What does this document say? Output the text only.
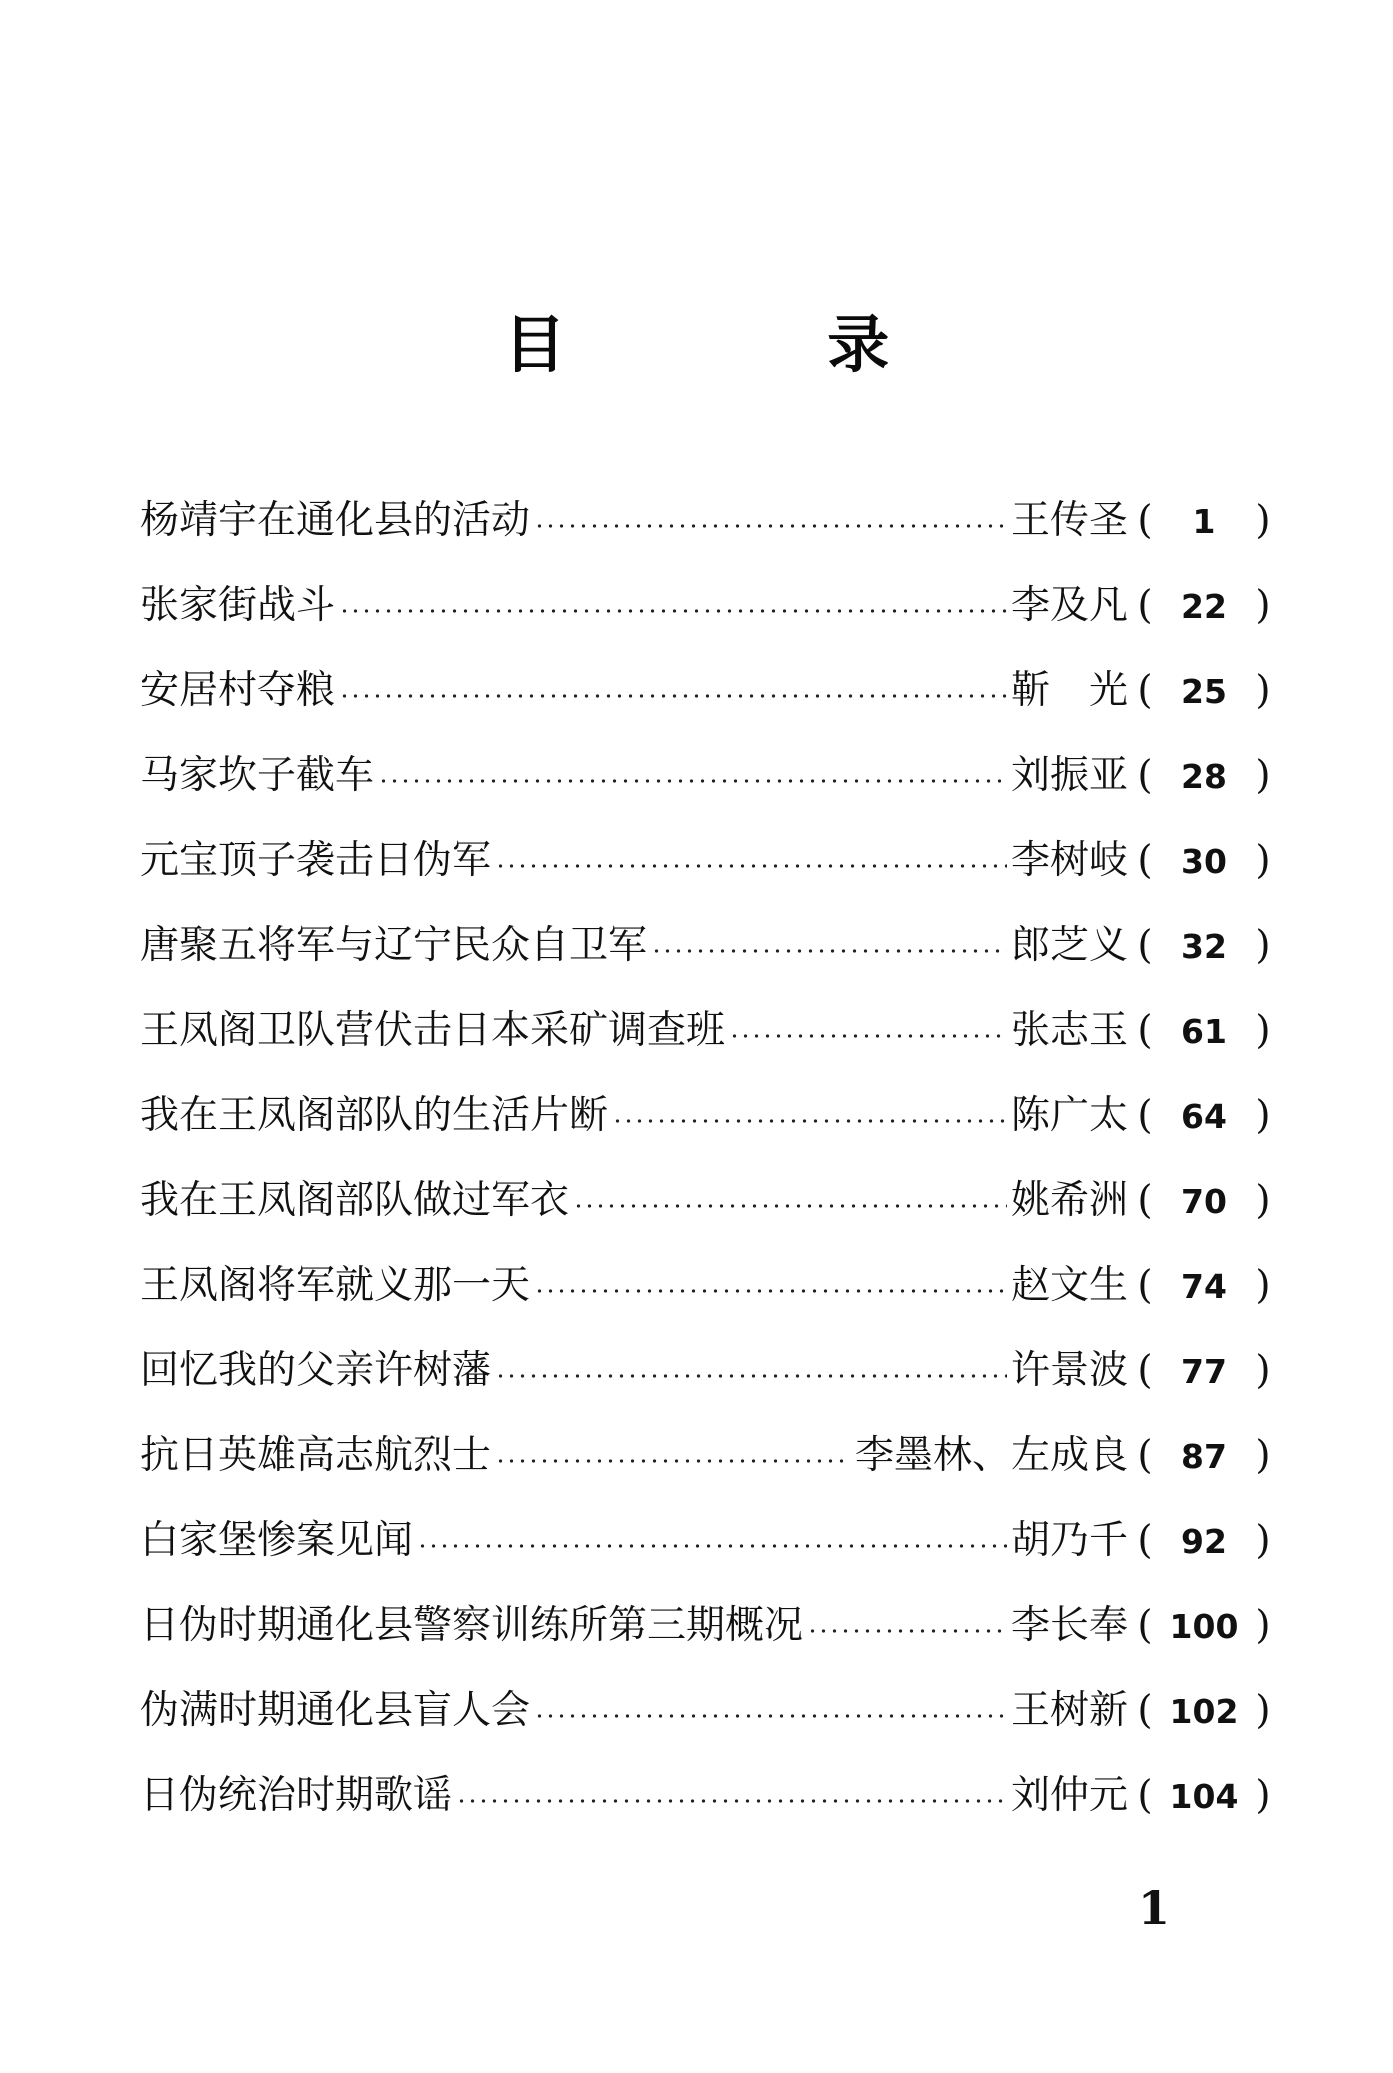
目 录
杨靖宇在通化县的活动	王传圣 (	1	)
张家街战斗	李及凡 ( 22 )
安居村夺粮	靳　光 ( 25 )
马家坎子截车	刘振亚 ( 28 )
元宝顶子袭击日伪军	李树岐 ( 30 )
唐聚五将军与辽宁民众自卫军	郎芝义 ( 32 )
王凤阁卫队营伏击日本采矿调查班	张志玉 ( 61 )
我在王凤阁部队的生活片断	陈广太 ( 64 )
我在王凤阁部队做过军衣	姚希洲 ( 70 )
王凤阁将军就义那一天	赵文生 ( 74 )
回忆我的父亲许树藩	许景波 ( 77 )
抗日英雄高志航烈士	李墨林、左成良 ( 87 )
白家堡惨案见闻	胡乃千 ( 92 )
日伪时期通化县警察训练所第三期概况	李长奉 ( 100 )
伪满时期通化县盲人会	王树新 ( 102 )
日伪统治时期歌谣	刘仲元 ( 104 )
1
